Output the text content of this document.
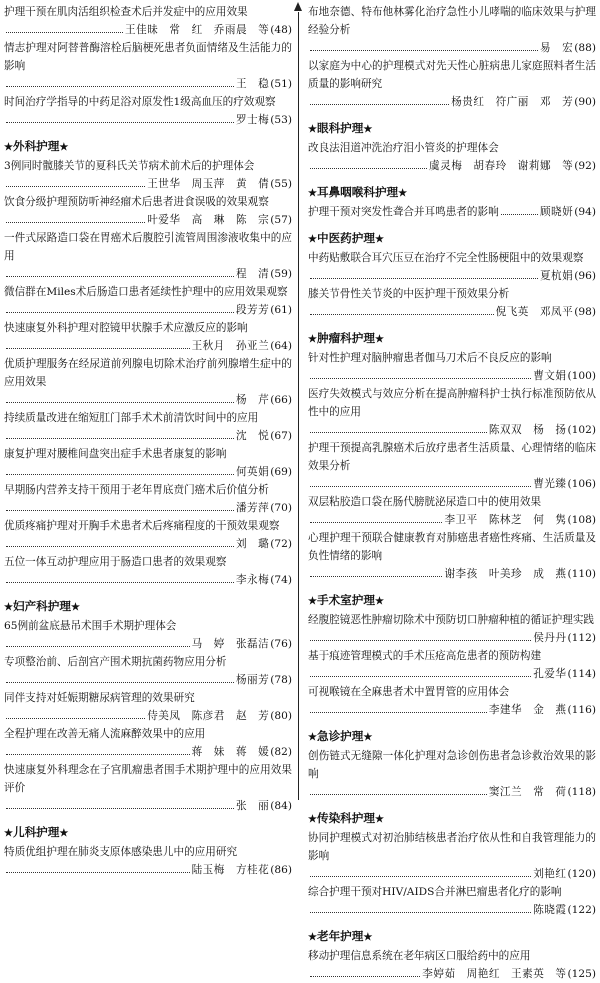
护理干预在肌肉活组织检查术后并发症中的应用效果
王佳昧　常　红　乔雨晨　等 (48)
情志护理对阿替普酶溶栓后脑梗死患者负面情绪及生活能力的影响
王　稳 (51)
时间治疗学指导的中药足浴对原发性1级高血压的疗效观察
罗士梅 (53)
★外科护理★
3例同时髋膝关节的夏科氏关节病术前术后的护理体会
王世华　周玉萍　黄　倩 (55)
饮食分级护理预防听神经瘤术后患者进食误吸的效果观察
叶爱华　高　琳　陈　宗 (57)
一件式尿路造口袋在胃癌术后腹腔引流管周围渗液收集中的应用
程　清 (59)
微信群在Miles术后肠造口患者延续性护理中的应用效果观察
段芳芳 (61)
快速康复外科护理对腔镜甲状腺手术应激反应的影响
王秋月　孙亚兰 (64)
优质护理服务在经尿道前列腺电切除术治疗前列腺增生症中的应用效果
杨　芹 (66)
持续质量改进在缩短肛门部手术术前清饮时间中的应用
沈　悦 (67)
康复护理对腰椎间盘突出症手术患者康复的影响
何英娟 (69)
早期肠内营养支持干预用于老年胃底贲门癌术后价值分析
潘芳萍 (70)
优质疼痛护理对开胸手术患者术后疼痛程度的干预效果观察
刘　璐 (72)
五位一体互动护理应用于肠造口患者的效果观察
李永梅 (74)
★妇产科护理★
65例前盆底悬吊术围手术期护理体会
马　婷　张磊洁 (76)
专项整治前、后剖宫产围术期抗菌药物应用分析
杨丽芳 (78)
同伴支持对妊娠期糖尿病管理的效果研究
侍美凤　陈彦君　赵　芳 (80)
全程护理在改善无痛人流麻醉效果中的应用
蒋　妹　蒋　媛 (82)
快速康复外科理念在子宫肌瘤患者围手术期护理中的应用效果评价
张　丽 (84)
★儿科护理★
特质优组护理在肺炎支原体感染患儿中的应用研究
陆玉梅　方桂花 (86)
布地奈德、特布他林雾化治疗急性小儿哮喘的临床效果与护理经验分析
易　宏 (88)
以家庭为中心的护理模式对先天性心脏病患儿家庭照料者生活质量的影响研究
杨贵红　符广丽　邓　芳 (90)
★眼科护理★
改良法泪道冲洗治疗泪小管炎的护理体会
虞灵梅　胡春玲　谢莉娜　等 (92)
★耳鼻咽喉科护理★
护理干预对突发性聋合并耳鸣患者的影响	顾晓妍 (94)
★中医药护理★
中药贴敷联合耳穴压豆在治疗不完全性肠梗阻中的效果观察
夏杭娟 (96)
膝关节骨性关节炎的中医护理干预效果分析
倪飞英　邓凤平 (98)
★肿瘤科护理★
针对性护理对脑肿瘤患者伽马刀术后不良反应的影响
曹文娟 (100)
医疗失效模式与效应分析在提高肿瘤科护士执行标准预防依从性中的应用
陈双双　杨　扬 (102)
护理干预提高乳腺癌术后放疗患者生活质量、心理情绪的临床效果分析
曹光臻 (106)
双层粘胶造口袋在肠代膀胱泌尿造口中的使用效果
李卫平　陈林芝　何　隽 (108)
心理护理干预联合健康教育对肺癌患者癌性疼痛、生活质量及负性情绪的影响
谢李孩　叶美珍　成　燕 (110)
★手术室护理★
经腹腔镜恶性肿瘤切除术中预防切口肿瘤种植的循证护理实践
侯丹丹 (112)
基于痕迹管理模式的手术压疮高危患者的预防构建
孔爱华 (114)
可视喉镜在全麻患者术中置胃管的应用体会
李建华　金　燕 (116)
★急诊护理★
创伤链式无缝隙一体化护理对急诊创伤患者急诊救治效果的影响
窦江兰　常　荷 (118)
★传染科护理★
协同护理模式对初治肺结核患者治疗依从性和自我管理能力的影响
刘艳红 (120)
综合护理干预对HIV/AIDS合并淋巴瘤患者化疗的影响
陈晓霞 (122)
★老年护理★
移动护理信息系统在老年病区口服给药中的应用
李婷茹　周艳红　王素英　等 (125)
